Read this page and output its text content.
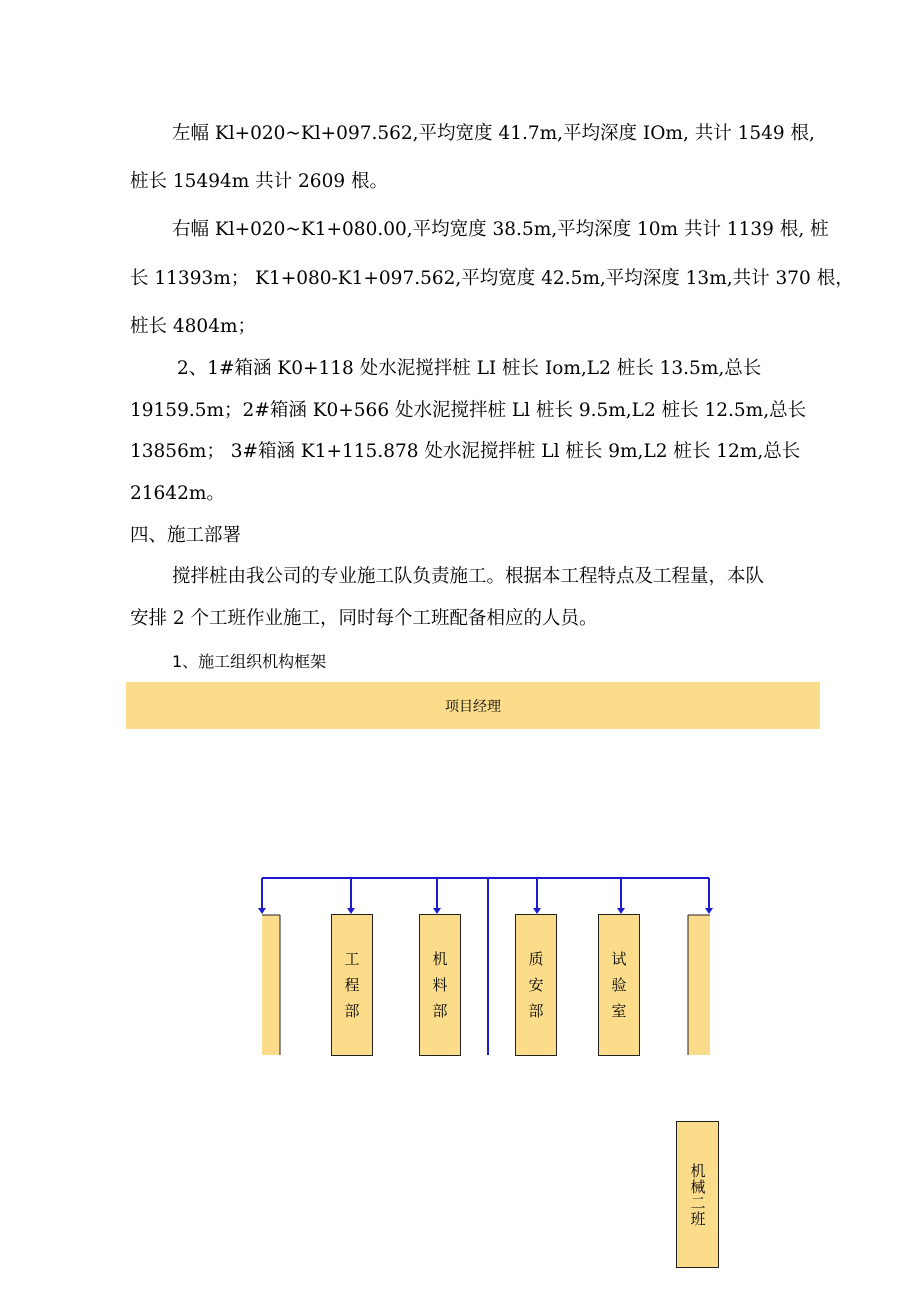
左幅 Kl+020~Kl+097.562,平均宽度 41.7m,平均深度 IOm, 共计 1549 根,
桩长 15494m 共计 2609 根。
右幅 Kl+020~K1+080.00,平均宽度 38.5m,平均深度 10m 共计 1139 根, 桩
长 11393m； K1+080-K1+097.562,平均宽度 42.5m,平均深度 13m,共计 370 根，
桩长 4804m；
2、1#箱涵 K0+118 处水泥搅拌桩 LI 桩长 Iom,L2 桩长 13.5m,总长
19159.5m；2#箱涵 K0+566 处水泥搅拌桩 Ll 桩长 9.5m,L2 桩长 12.5m,总长
13856m； 3#箱涵 K1+115.878 处水泥搅拌桩 Ll 桩长 9m,L2 桩长 12m,总长
21642m。
四、施工部署
搅拌桩由我公司的专业施工队负责施工。根据本工程特点及工程量，本队
安排 2 个工班作业施工，同时每个工班配备相应的人员。
1、施工组织机构框架
项目经理
工
程
部
机
料
部
质
安
部
试
验
室
机械二班
